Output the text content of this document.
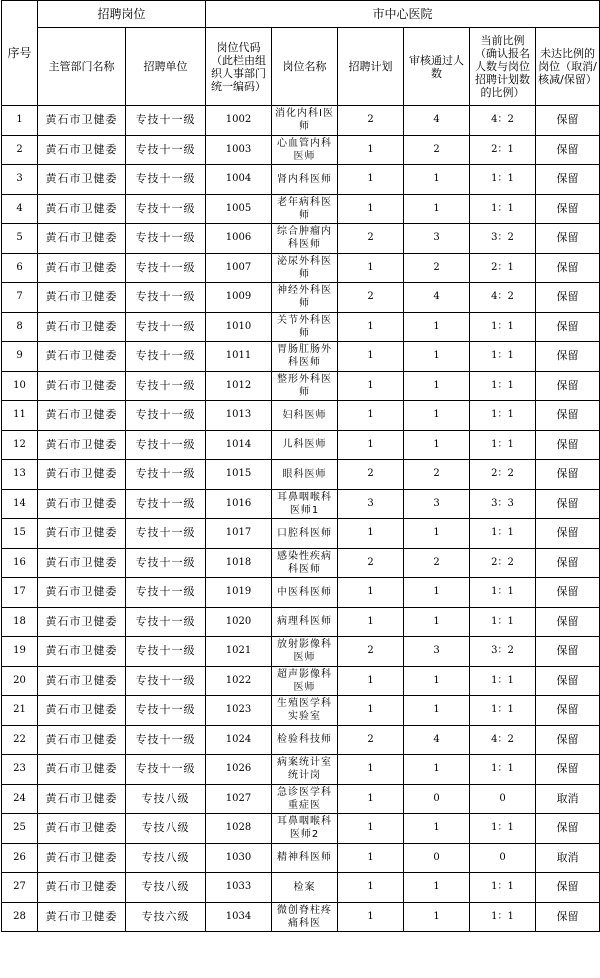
序号	招聘岗位		市中心医院					
	主管部门名称	招聘单位	岗位代码（此栏由组织人事部门统一编码）	岗位名称	招聘计划	审核通过人数	当前比例（确认报名人数与岗位招聘计划数的比例）	未达比例的岗位（取消/核减/保留）
1	黄石市卫健委	专技十一级	1002	消化内科Ⅰ医师	2	4	4：2	保留
2	黄石市卫健委	专技十一级	1003	心血管内科医师	1	2	2：1	保留
3	黄石市卫健委	专技十一级	1004	肾内科医师	1	1	1：1	保留
4	黄石市卫健委	专技十一级	1005	老年病科医师	1	1	1：1	保留
5	黄石市卫健委	专技十一级	1006	综合肿瘤内科医师	2	3	3：2	保留
6	黄石市卫健委	专技十一级	1007	泌尿外科医师	1	2	2：1	保留
7	黄石市卫健委	专技十一级	1009	神经外科医师	2	4	4：2	保留
8	黄石市卫健委	专技十一级	1010	关节外科医师	1	1	1：1	保留
9	黄石市卫健委	专技十一级	1011	胃肠肛肠外科医师	1	1	1：1	保留
10	黄石市卫健委	专技十一级	1012	整形外科医师	1	1	1：1	保留
11	黄石市卫健委	专技十一级	1013	妇科医师	1	1	1：1	保留
12	黄石市卫健委	专技十一级	1014	儿科医师	1	1	1：1	保留
13	黄石市卫健委	专技十一级	1015	眼科医师	2	2	2：2	保留
14	黄石市卫健委	专技十一级	1016	耳鼻咽喉科医师1	3	3	3：3	保留
15	黄石市卫健委	专技十一级	1017	口腔科医师	1	1	1：1	保留
16	黄石市卫健委	专技十一级	1018	感染性疾病科医师	2	2	2：2	保留
17	黄石市卫健委	专技十一级	1019	中医科医师	1	1	1：1	保留
18	黄石市卫健委	专技十一级	1020	病理科医师	1	1	1：1	保留
19	黄石市卫健委	专技十一级	1021	放射影像科医师	2	3	3：2	保留
20	黄石市卫健委	专技十一级	1022	超声影像科医师	1	1	1：1	保留
21	黄石市卫健委	专技十一级	1023	生殖医学科实验室	1	1	1：1	保留
22	黄石市卫健委	专技十一级	1024	检验科技师	2	4	4：2	保留
23	黄石市卫健委	专技十一级	1026	病案统计室统计岗	1	1	1：1	保留
24	黄石市卫健委	专技八级	1027	急诊医学科重症医	1	0	0	取消
25	黄石市卫健委	专技八级	1028	耳鼻咽喉科医师2	1	1	1：1	保留
26	黄石市卫健委	专技八级	1030	精神科医师	1	0	0	取消
27	黄石市卫健委	专技八级	1033	检案	1	1	1：1	保留
28	黄石市卫健委	专技六级	1034	微创脊柱疼痛科医	1	1	1：1	保留
